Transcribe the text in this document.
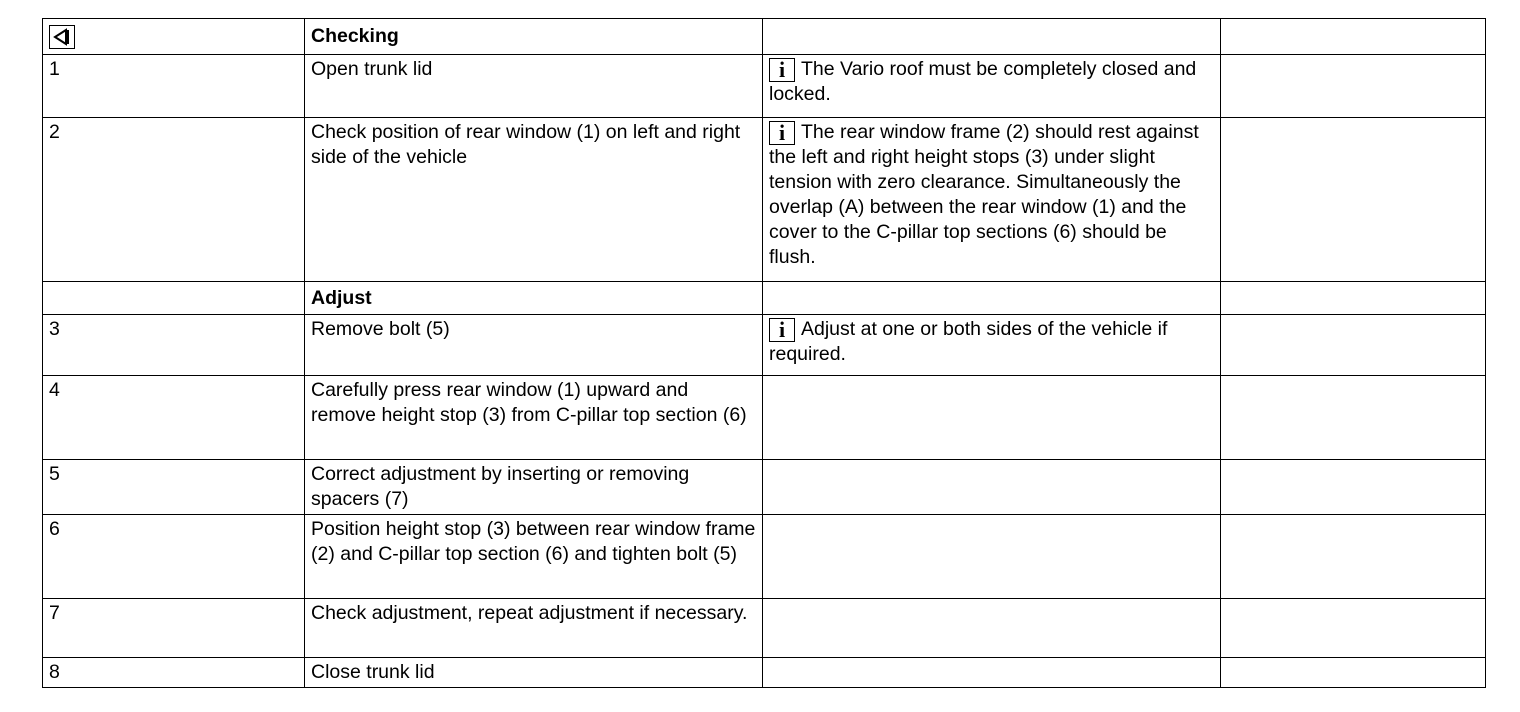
	Checking		
1	Open trunk lid	i The Vario roof must be completely closed and locked.	
2	Check position of rear window (1) on left and right side of the vehicle	i The rear window frame (2) should rest against the left and right height stops (3) under slight tension with zero clearance. Simultaneously the overlap (A) between the rear window (1) and the cover to the C-pillar top sections (6) should be flush.	
	Adjust		
3	Remove bolt (5)	i Adjust at one or both sides of the vehicle if required.	
4	Carefully press rear window (1) upward and remove height stop (3) from C-pillar top section (6)		
5	Correct adjustment by inserting or removing spacers (7)		
6	Position height stop (3) between rear window frame (2) and C-pillar top section (6) and tighten bolt (5)		
7	Check adjustment, repeat adjustment if necessary.		
8	Close trunk lid		
